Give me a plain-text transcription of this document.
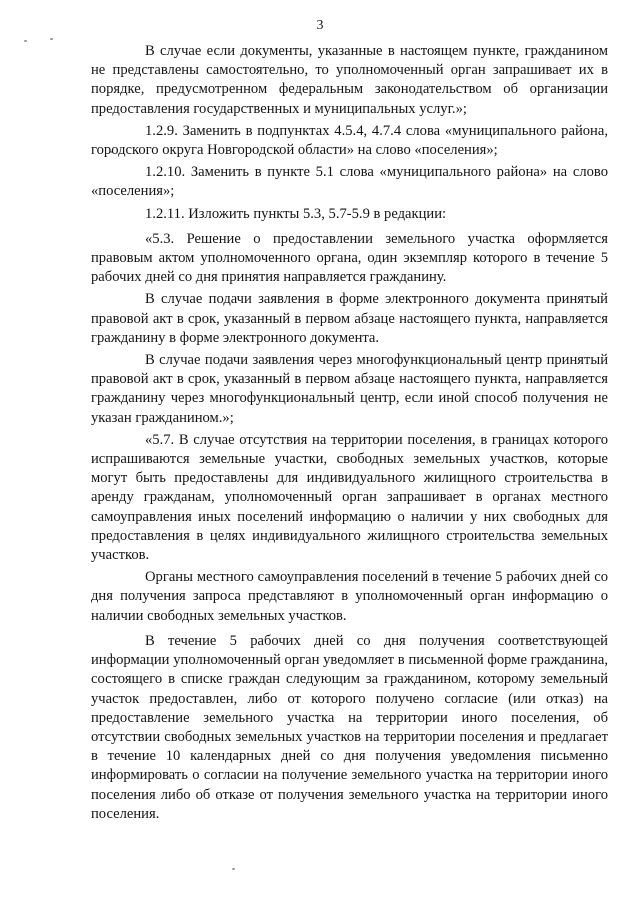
3

В случае если документы, указанные в настоящем пункте, гражданином не представлены самостоятельно, то уполномоченный орган запрашивает их в порядке, предусмотренном федеральным законодательством об организации предоставления государственных и муниципальных услуг.»;

1.2.9. Заменить в подпунктах 4.5.4, 4.7.4 слова «муниципального района, городского округа Новгородской области» на слово «поселения»;

1.2.10. Заменить в пункте 5.1 слова «муниципального района» на слово «поселения»;

1.2.11. Изложить пункты 5.3, 5.7-5.9 в редакции:

«5.3. Решение о предоставлении земельного участка оформляется правовым актом уполномоченного органа, один экземпляр которого в течение 5 рабочих дней со дня принятия направляется гражданину.

В случае подачи заявления в форме электронного документа принятый правовой акт в срок, указанный в первом абзаце настоящего пункта, направляется гражданину в форме электронного документа.

В случае подачи заявления через многофункциональный центр принятый правовой акт в срок, указанный в первом абзаце настоящего пункта, направляется гражданину через многофункциональный центр, если иной способ получения не указан гражданином.»;

«5.7. В случае отсутствия на территории поселения, в границах которого испрашиваются земельные участки, свободных земельных участков, которые могут быть предоставлены для индивидуального жилищного строительства в аренду гражданам, уполномоченный орган запрашивает в органах местного самоуправления иных поселений информацию о наличии у них свободных для предоставления в целях индивидуального жилищного строительства земельных участков.

Органы местного самоуправления поселений в течение 5 рабочих дней со дня получения запроса представляют в уполномоченный орган информацию о наличии свободных земельных участков.

В течение 5 рабочих дней со дня получения соответствующей информации уполномоченный орган уведомляет в письменной форме гражданина, состоящего в списке граждан следующим за гражданином, которому земельный участок предоставлен, либо от которого получено согласие (или отказ) на предоставление земельного участка на территории иного поселения, об отсутствии свободных земельных участков на территории поселения и предлагает в течение 10 календарных дней со дня получения уведомления письменно информировать о согласии на получение земельного участка на территории иного поселения либо об отказе от получения земельного участка на территории иного поселения.
